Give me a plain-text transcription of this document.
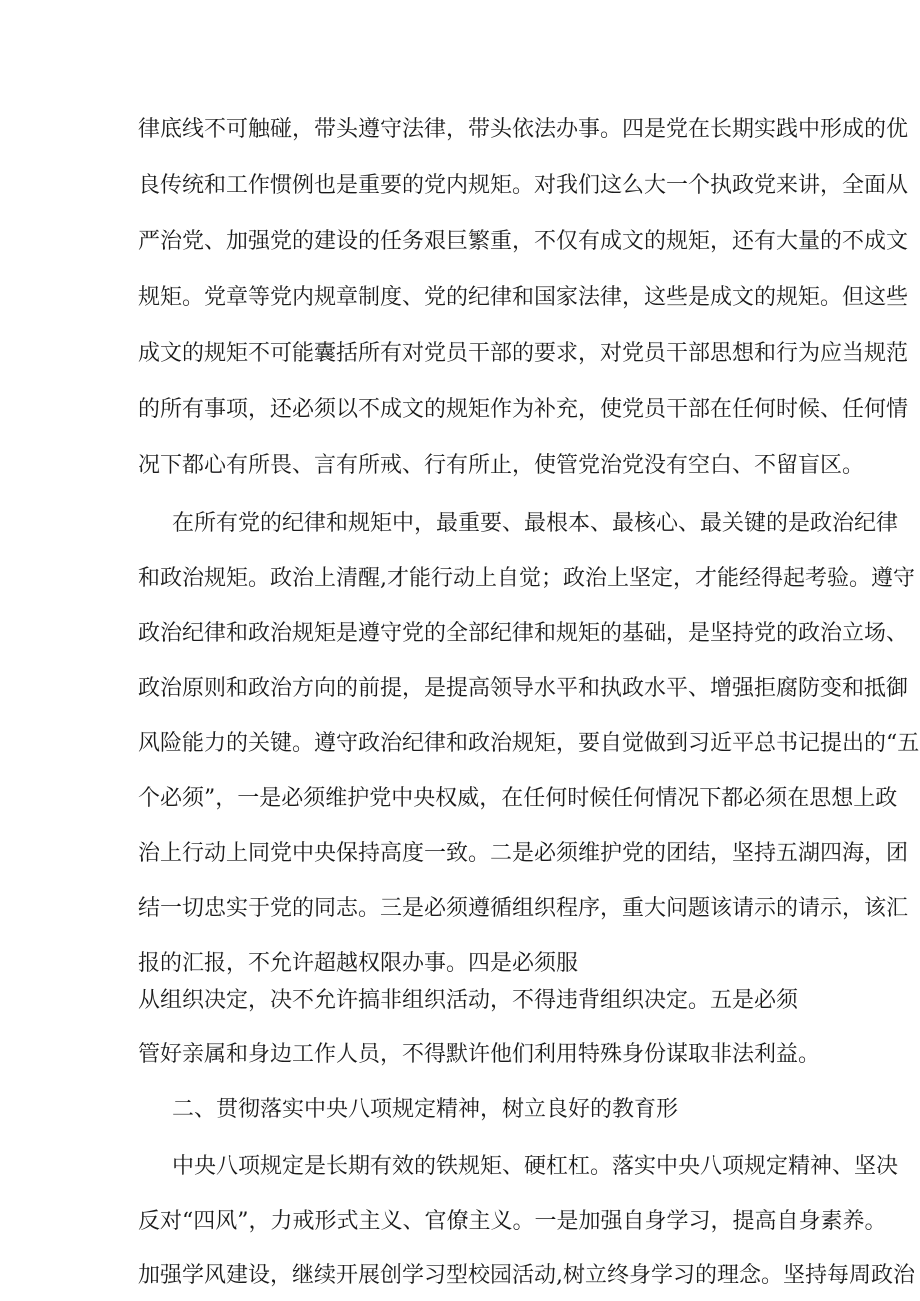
律底线不可触碰，带头遵守法律，带头依法办事。四是党在长期实践中形成的优
良传统和工作惯例也是重要的党内规矩。对我们这么大一个执政党来讲，全面从
严治党、加强党的建设的任务艰巨繁重，不仅有成文的规矩，还有大量的不成文
规矩。党章等党内规章制度、党的纪律和国家法律，这些是成文的规矩。但这些
成文的规矩不可能囊括所有对党员干部的要求，对党员干部思想和行为应当规范
的所有事项，还必须以不成文的规矩作为补充，使党员干部在任何时候、任何情
况下都心有所畏、言有所戒、行有所止，使管党治党没有空白、不留盲区。
在所有党的纪律和规矩中，最重要、最根本、最核心、最关键的是政治纪律
和政治规矩。政治上清醒,才能行动上自觉；政治上坚定，才能经得起考验。遵守
政治纪律和政治规矩是遵守党的全部纪律和规矩的基础，是坚持党的政治立场、
政治原则和政治方向的前提，是提高领导水平和执政水平、增强拒腐防变和抵御
风险能力的关键。遵守政治纪律和政治规矩，要自觉做到习近平总书记提出的“五
个必须”，一是必须维护党中央权威，在任何时候任何情况下都必须在思想上政
治上行动上同党中央保持高度一致。二是必须维护党的团结，坚持五湖四海，团
结一切忠实于党的同志。三是必须遵循组织程序，重大问题该请示的请示，该汇
报的汇报，不允许超越权限办事。四是必须服
从组织决定，决不允许搞非组织活动，不得违背组织决定。五是必须
管好亲属和身边工作人员，不得默许他们利用特殊身份谋取非法利益。
二、贯彻落实中央八项规定精神，树立良好的教育形
中央八项规定是长期有效的铁规矩、硬杠杠。落实中央八项规定精神、坚决
反对“四风”，力戒形式主义、官僚主义。一是加强自身学习，提高自身素养。
加强学风建设，继续开展创学习型校园活动,树立终身学习的理念。坚持每周政治
